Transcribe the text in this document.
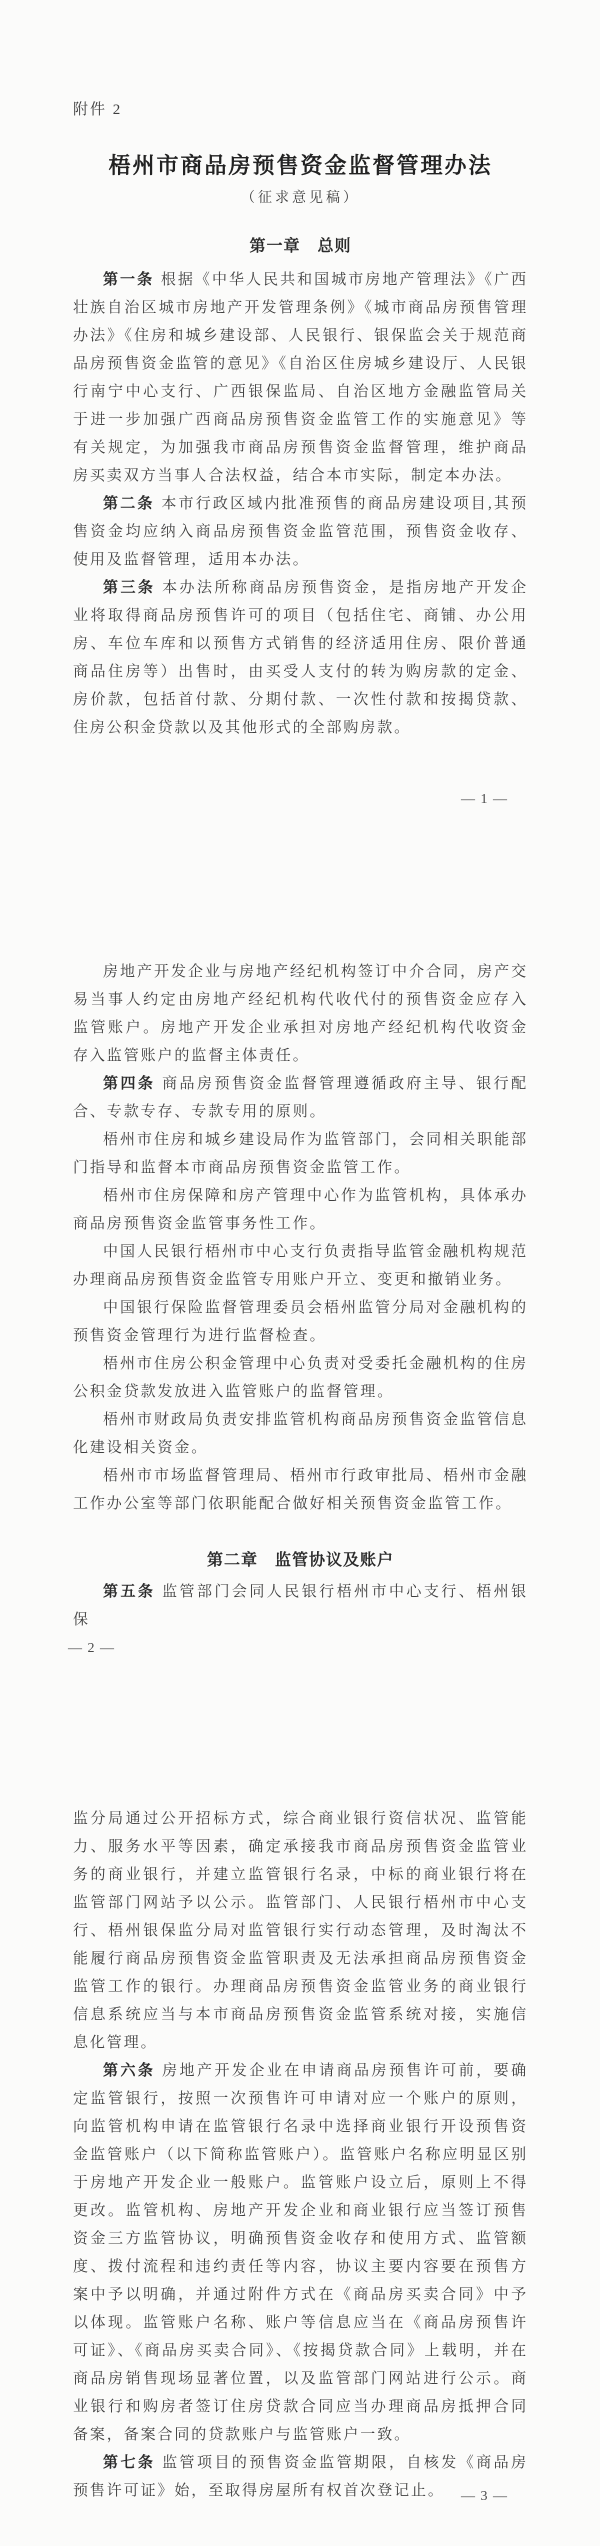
附件 2
梧州市商品房预售资金监督管理办法
（征求意见稿）
第一章　总则

第一条 根据《中华人民共和国城市房地产管理法》《广西壮族自治区城市房地产开发管理条例》《城市商品房预售管理办法》《住房和城乡建设部、人民银行、银保监会关于规范商品房预售资金监管的意见》《自治区住房城乡建设厅、人民银行南宁中心支行、广西银保监局、自治区地方金融监管局关于进一步加强广西商品房预售资金监管工作的实施意见》等有关规定，为加强我市商品房预售资金监督管理，维护商品房买卖双方当事人合法权益，结合本市实际，制定本办法。

第二条 本市行政区域内批准预售的商品房建设项目,其预售资金均应纳入商品房预售资金监管范围，预售资金收存、使用及监督管理，适用本办法。

第三条 本办法所称商品房预售资金，是指房地产开发企业将取得商品房预售许可的项目（包括住宅、商铺、办公用房、车位车库和以预售方式销售的经济适用住房、限价普通商品住房等）出售时，由买受人支付的转为购房款的定金、房价款，包括首付款、分期付款、一次性付款和按揭贷款、住房公积金贷款以及其他形式的全部购房款。

— 1 —

房地产开发企业与房地产经纪机构签订中介合同，房产交易当事人约定由房地产经纪机构代收代付的预售资金应存入监管账户。房地产开发企业承担对房地产经纪机构代收资金存入监管账户的监督主体责任。

第四条 商品房预售资金监督管理遵循政府主导、银行配合、专款专存、专款专用的原则。

梧州市住房和城乡建设局作为监管部门，会同相关职能部门指导和监督本市商品房预售资金监管工作。

梧州市住房保障和房产管理中心作为监管机构，具体承办商品房预售资金监管事务性工作。

中国人民银行梧州市中心支行负责指导监管金融机构规范办理商品房预售资金监管专用账户开立、变更和撤销业务。

中国银行保险监督管理委员会梧州监管分局对金融机构的预售资金管理行为进行监督检查。

梧州市住房公积金管理中心负责对受委托金融机构的住房公积金贷款发放进入监管账户的监督管理。

梧州市财政局负责安排监管机构商品房预售资金监管信息化建设相关资金。

梧州市市场监督管理局、梧州市行政审批局、梧州市金融工作办公室等部门依职能配合做好相关预售资金监管工作。

第二章　监管协议及账户

第五条 监管部门会同人民银行梧州市中心支行、梧州银保

— 2 —

监分局通过公开招标方式，综合商业银行资信状况、监管能力、服务水平等因素，确定承接我市商品房预售资金监管业务的商业银行，并建立监管银行名录，中标的商业银行将在监管部门网站予以公示。监管部门、人民银行梧州市中心支行、梧州银保监分局对监管银行实行动态管理，及时淘汰不能履行商品房预售资金监管职责及无法承担商品房预售资金监管工作的银行。办理商品房预售资金监管业务的商业银行信息系统应当与本市商品房预售资金监管系统对接，实施信息化管理。

第六条 房地产开发企业在申请商品房预售许可前，要确定监管银行，按照一次预售许可申请对应一个账户的原则，向监管机构申请在监管银行名录中选择商业银行开设预售资金监管账户（以下简称监管账户）。监管账户名称应明显区别于房地产开发企业一般账户。监管账户设立后，原则上不得更改。监管机构、房地产开发企业和商业银行应当签订预售资金三方监管协议，明确预售资金收存和使用方式、监管额度、拨付流程和违约责任等内容，协议主要内容要在预售方案中予以明确，并通过附件方式在《商品房买卖合同》中予以体现。监管账户名称、账户等信息应当在《商品房预售许可证》、《商品房买卖合同》、《按揭贷款合同》上载明，并在商品房销售现场显著位置，以及监管部门网站进行公示。商业银行和购房者签订住房贷款合同应当办理商品房抵押合同备案，备案合同的贷款账户与监管账户一致。

第七条 监管项目的预售资金监管期限，自核发《商品房预售许可证》始，至取得房屋所有权首次登记止。	— 3 —
